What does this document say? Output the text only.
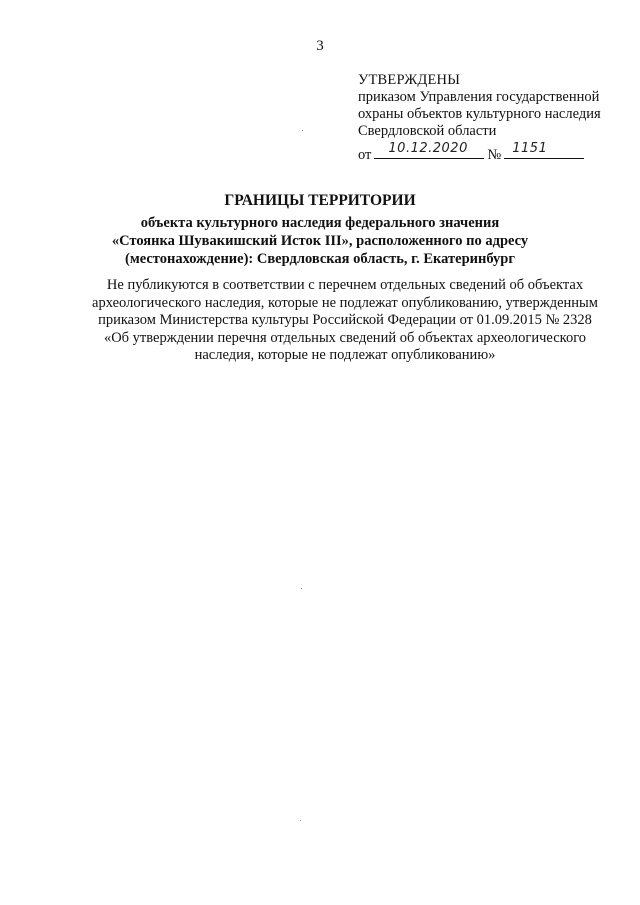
3
УТВЕРЖДЕНЫ
приказом Управления государственной
охраны объектов культурного наследия
Свердловской области
от 10.12.2020 № 1151
ГРАНИЦЫ ТЕРРИТОРИИ
объекта культурного наследия федерального значения
«Стоянка Шувакишский Исток III», расположенного по адресу
(местонахождение): Свердловская область, г. Екатеринбург
Не публикуются в соответствии с перечнем отдельных сведений об объектах
археологического наследия, которые не подлежат опубликованию, утвержденным
приказом Министерства культуры Российской Федерации от 01.09.2015 № 2328
«Об утверждении перечня отдельных сведений об объектах археологического
наследия, которые не подлежат опубликованию»
